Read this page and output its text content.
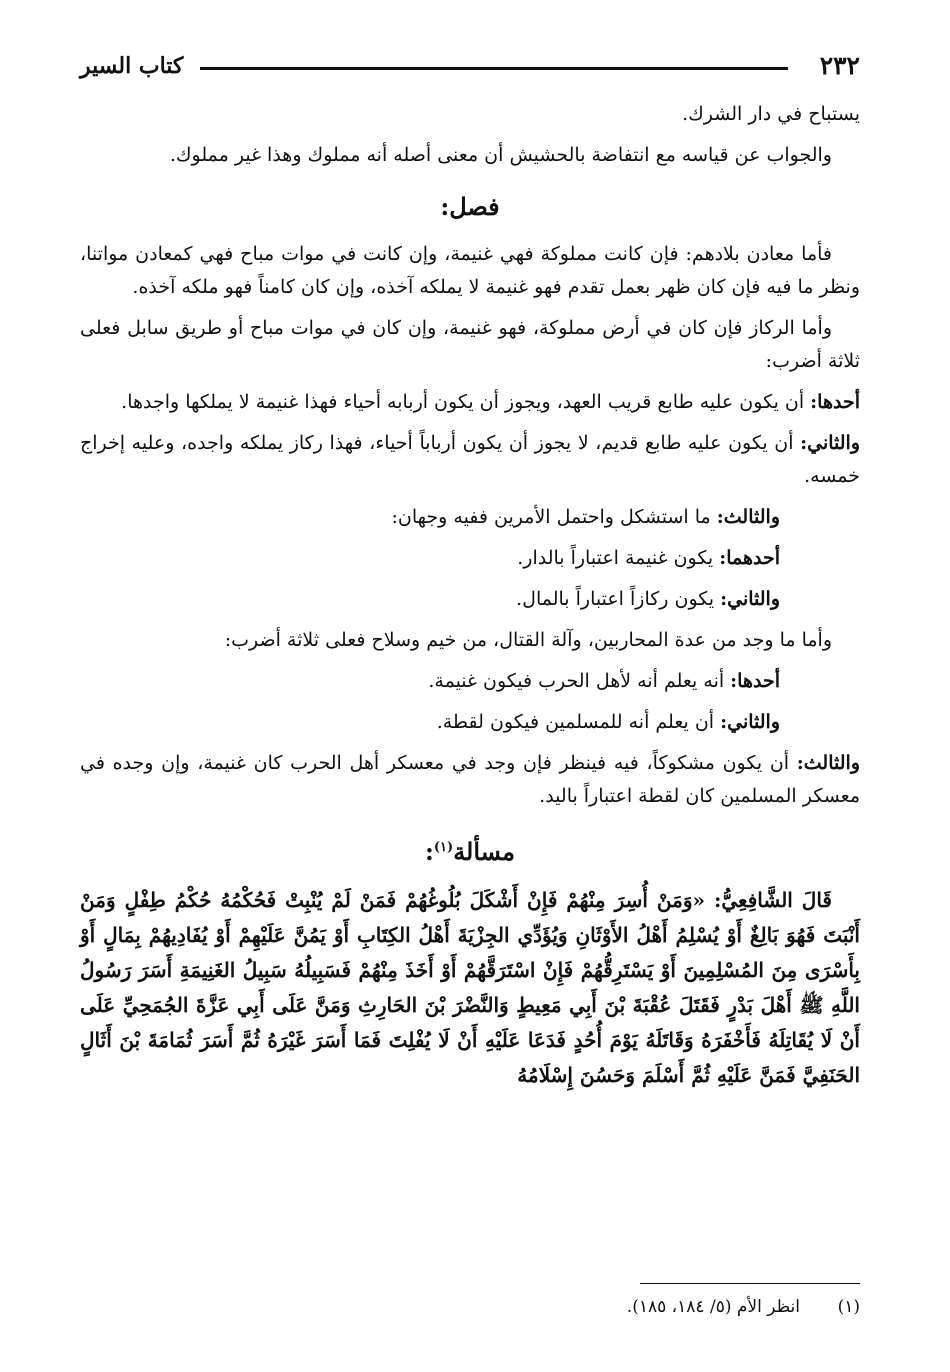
٢٣٢
كتاب السير

يستباح في دار الشرك.

والجواب عن قياسه مع انتفاضة بالحشيش أن معنى أصله أنه مملوك وهذا غير مملوك.

فصل:

فأما معادن بلادهم: فإن كانت مملوكة فهي غنيمة، وإن كانت في موات مباح فهي كمعادن مواتنا، ونظر ما فيه فإن كان ظهر بعمل تقدم فهو غنيمة لا يملكه آخذه، وإن كان كامناً فهو ملكه آخذه.

وأما الركاز فإن كان في أرض مملوكة، فهو غنيمة، وإن كان في موات مباح أو طريق سابل فعلى ثلاثة أضرب:

أحدها: أن يكون عليه طابع قريب العهد، ويجوز أن يكون أربابه أحياء فهذا غنيمة لا يملكها واجدها.

والثاني: أن يكون عليه طابع قديم، لا يجوز أن يكون أرباباً أحياء، فهذا ركاز يملكه واجده، وعليه إخراج خمسه.

والثالث: ما استشكل واحتمل الأمرين ففيه وجهان:

أحدهما: يكون غنيمة اعتباراً بالدار.

والثاني: يكون ركازاً اعتباراً بالمال.

وأما ما وجد من عدة المحاربين، وآلة القتال، من خيم وسلاح فعلى ثلاثة أضرب:

أحدها: أنه يعلم أنه لأهل الحرب فيكون غنيمة.

والثاني: أن يعلم أنه للمسلمين فيكون لقطة.

والثالث: أن يكون مشكوكاً، فيه فينظر فإن وجد في معسكر أهل الحرب كان غنيمة، وإن وجده في معسكر المسلمين كان لقطة اعتباراً باليد.

مسألة$^{(١)}$:

قَالَ الشَّافِعِيُّ: «وَمَنْ أُسِرَ مِنْهُمْ فَإِنْ أَشْكَلَ بُلُوغُهُمْ فَمَنْ لَمْ يُنْبِتْ فَحُكْمُهُ حُكْمُ طِفْلٍ وَمَنْ أَنْبَتَ فَهُوَ بَالِغٌ أَوْ يُسْلِمُ أَهْلُ الأَوْثَانِ وَيُؤَدِّي الجِزْيَةَ أَهْلُ الكِتَابِ أَوْ يَمُنَّ عَلَيْهِمْ أَوْ يُفَادِيهُمْ بِمَالٍ أَوْ بِأَسْرَى مِنَ المُسْلِمِينَ أَوْ يَسْتَرِقُّهُمْ فَإِنْ اسْتَرَقَّهُمْ أَوْ أَخَذَ مِنْهُمْ فَسَبِيلُهُ سَبِيلُ الغَنِيمَةِ أَسَرَ رَسُولُ اللَّهِ ﷺ أَهْلَ بَدْرٍ فَقَتَلَ عُقْبَةَ بْنَ أَبِي مَعِيطٍ وَالنَّضْرَ بْنَ الحَارِثِ وَمَنَّ عَلَى أَبِي عَزَّةَ الجُمَحِيِّ عَلَى أَنْ لَا يُقَاتِلَهُ فَأَخْفَرَهُ وَقَاتَلَهُ يَوْمَ أُحُدٍ فَدَعَا عَلَيْهِ أَنْ لَا يُفْلِتَ فَمَا أَسَرَ غَيْرَهُ ثُمَّ أَسَرَ ثُمَامَةَ بْنَ أَثَالٍ الحَنَفِيَّ فَمَنَّ عَلَيْهِ ثُمَّ أَسْلَمَ وَحَسُنَ إِسْلَامُهُ

(١)انظر الأم (٥/ ١٨٤، ١٨٥).
